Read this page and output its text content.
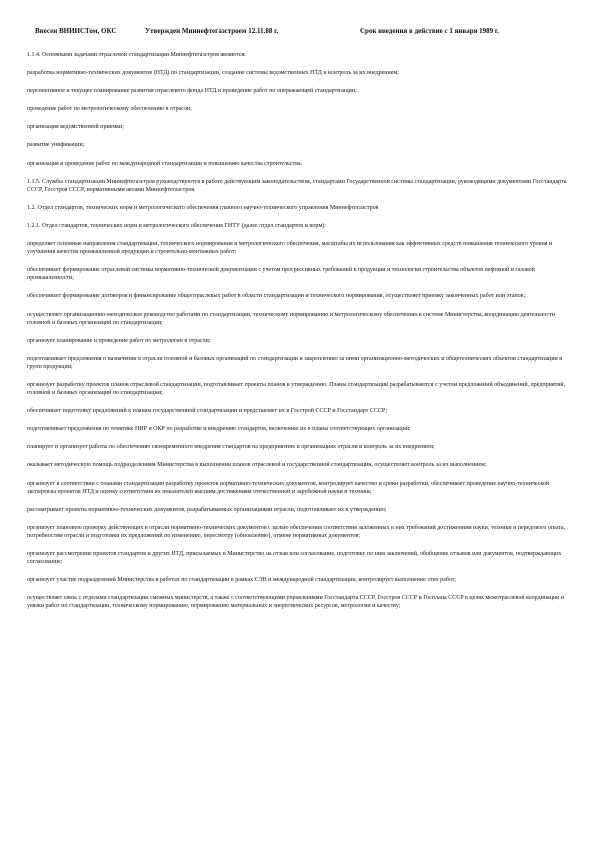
Внесен ВНИИСТом, ОКС	Утвержден Миннефтегазстроем 12.11.88 г.	Срок введения в действие с 1 января 1989 г.

1.1.4. Основными задачами отраслевой стандартизации Миннефтегазстроя являются:

разработка нормативно-технических документов (НТД) по стандартизации, создание системы ведомственных НТД и контроль за их внедрением;

перспективное и текущее планирование развития отраслевого фонда НТД и проведение работ по опережающей стандартизации;

проведение работ по метрологическому обеспечению в отрасли;

организация ведомственной приемки;

развитие унификации;

организация и проведение работ по международной стандартизации и повышению качества строительства.

1.1.5. Службы стандартизации Миннефтегазстроя руководствуются в работе действующим законодательством, стандартами Государственной системы стандартизации, руководящими документами Госстандарта СССР, Госстроя СССР, нормативными актами Миннефтегазстроя.

1.2. Отдел стандартов, технических норм и метрологического обеспечения главного научно-технического управления Миннефтегазстроя

1.2.1. Отдел стандартов, технических норм и метрологического обеспечения ГНТУ (далее отдел стандартов и норм):

определяет основные направления стандартизации, технического нормирования и метрологического обеспечения, масштабы их использования как эффективных средств повышения технического уровня и улучшения качества промышленной продукции и строительно-монтажных работ;

обеспечивает формирование отраслевой системы нормативно-технической документации с учетом прогрессивных требований к продукции и технологии строительства объектов нефтяной и газовой промышленности;

обеспечивает формирование договоров и финансирование общеотраслевых работ в области стандартизации и технического нормирования, осуществляет приемку законченных работ или этапов;

осуществляет организационно-методическое руководство работами по стандартизации, техническому нормированию и метрологическому обеспечению в системе Министерства, координацию деятельности головной и базовых организаций по стандартизации;

организует планирование и проведение работ по метрологии в отрасли;

подготавливает предложения о назначении в отрасли головной и базовых организаций по стандартизации и закреплению за ними организационно-методических и общетехнических объектов стандартизации и групп продукции;

организует разработку проектов планов отраслевой стандартизации, подготавливает проекты планов к утверждению. Планы стандартизации разрабатываются с учетом предложений объединений, предприятий, головной и базовых организаций по стандартизации;

обеспечивает подготовку предложений к планам государственной стандартизации и представляет их в Госстрой СССР и Госстандарт СССР;

подготавливает предложения по тематике НИР и ОКР по разработке и внедрению стандартов, включению их в планы соответствующих организаций;

планирует и организует работы по обеспечению своевременного внедрения стандартов на предприятиях и организациях отрасли и контроль за их внедрением;

оказывает методическую помощь подразделениям Министерства в выполнении планов отраслевой и государственной стандартизации, осуществляет контроль за их выполнением;

организует в соответствии с планами стандартизации разработку проектов нормативно-технических документов, контролирует качество и сроки разработки, обеспечивает проведение научно-технической экспертизы проектов НТД и оценку соответствия их показателей высшим достижениям отечественной и зарубежной науки и техники;

рассматривает проекты нормативно-технических документов, разрабатываемых организациями отрасли, подготавливает их к утверждению;

организует плановую проверку действующих в отрасли нормативно-технических документов с целью обеспечения соответствия заложенных в них требований достижениям науки, техники и передового опыта, потребностям отрасли и подготовки их предложений по изменению, пересмотру (обновлению), отмене нормативных документов;

организует рассмотрение проектов стандартов и других НТД, присылаемых в Министерство на отзыв или согласование, подготовку по ним заключений, обобщение отзывов или документов, подтверждающих согласование;

организует участие подразделений Министерства в работах по стандартизации в рамках СЭВ и международной стандартизации, контролирует выполнение этих работ;

осуществляет связь с отделами стандартизации смежных министерств, а также с соответствующими управлениями Госстандарта СССР, Госстроя СССР и Госплана СССР в целях межотраслевой координации и увязки работ по стандартизации, техническому нормированию, нормированию материальных и энергетических ресурсов, метрологии и качеству;
